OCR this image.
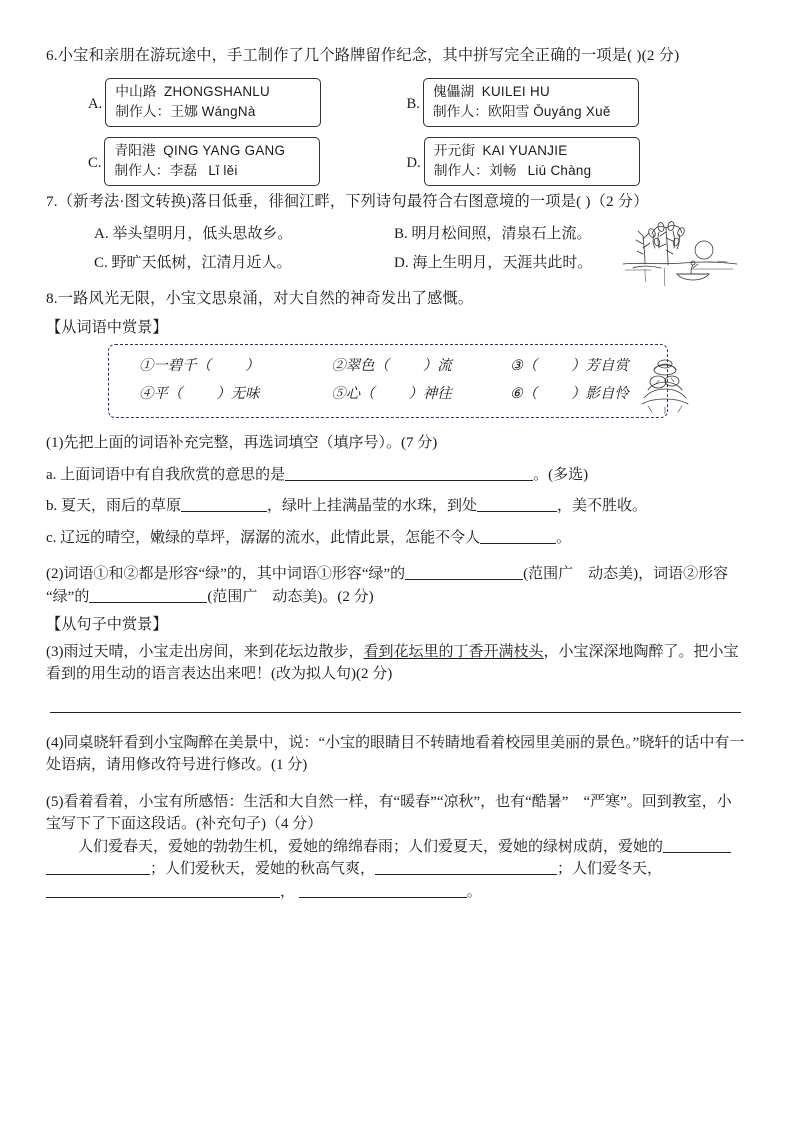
6.小宝和亲朋在游玩途中，手工制作了几个路牌留作纪念，其中拼写完全正确的一项是( )(2 分)
A.
中山路 ZHONGSHANLU
制作人：王娜 WángNà	B.
傀儡湖 KUILEI HU
制作人：欧阳雪 Ōuyáng Xuě
C.
青阳港 QING YANG GANG
制作人：李磊 Lǐ lěi	D.
开元街 KAI YUANJIE
制作人：刘畅 Liú Chàng
7.（新考法·图文转换)落日低垂，徘徊江畔，下列诗句最符合右图意境的一项是( )（2 分）
A. 举头望明月，低头思故乡。	B. 明月松间照，清泉石上流。
C. 野旷天低树，江清月近人。	D. 海上生明月，天涯共此时。
8.一路风光无限，小宝文思泉涌，对大自然的神奇发出了感慨。
【从词语中赏景】
①一碧千（ ）	②翠色（ ）流	③（ ）芳自赏
④平（ ）无味	⑤心（ ）神往	⑥（ ）影自怜
(1)先把上面的词语补充完整，再选词填空（填序号）。(7 分)
a. 上面词语中有自我欣赏的意思的是	。(多选)
b. 夏天，雨后的草原	，绿叶上挂满晶莹的水珠，到处	，美不胜收。
c. 辽远的晴空，嫩绿的草坪，潺潺的流水，此情此景，怎能不令人	。
(2)词语①和②都是形容“绿”的，其中词语①形容“绿”的	(范围广　动态美)，词语②形容“绿”的	(范围广　动态美)。(2 分)
【从句子中赏景】
(3)雨过天晴，小宝走出房间，来到花坛边散步，看到花坛里的丁香开满枝头，小宝深深地陶醉了。把小宝看到的用生动的语言表达出来吧！(改为拟人句)(2 分)
(4)同桌晓轩看到小宝陶醉在美景中，说：“小宝的眼睛目不转睛地看着校园里美丽的景色。”晓轩的话中有一处语病，请用修改符号进行修改。(1 分)
(5)看着看着，小宝有所感悟：生活和大自然一样，有“暖春”“凉秋”，也有“酷暑”　“严寒”。回到教室，小宝写下了下面这段话。(补充句子)（4 分）
人们爱春天，爱她的勃勃生机，爱她的绵绵春雨；人们爱夏天，爱她的绿树成荫，爱她的；人们爱秋天，爱她的秋高气爽，	；人们爱冬天，，	。
